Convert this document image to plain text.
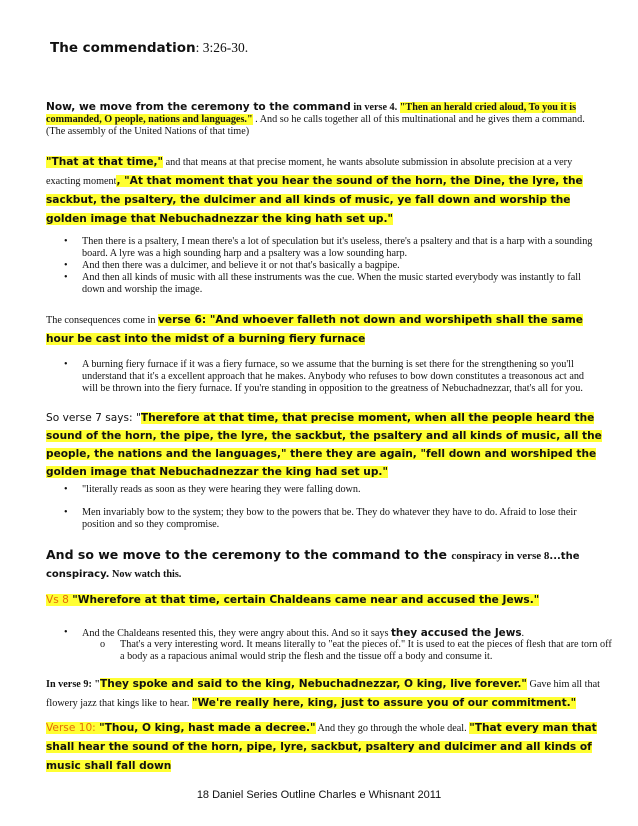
The commendation: 3:26-30.
Now, we move from the ceremony to the command in verse 4. "Then an herald cried aloud, To you it is commanded, O people, nations and languages." . And so he calls together all of this multinational and he gives them a command.
(The assembly of the United Nations of that time)
"That at that time," and that means at that precise moment, he wants absolute submission in absolute precision at a very exacting moment, "At that moment that you hear the sound of the horn, the Dine, the lyre, the sackbut, the psaltery, the dulcimer and all kinds of music, ye fall down and worship the golden image that Nebuchadnezzar the king hath set up."
• Then there is a psaltery, I mean there's a lot of speculation but it's useless, there's a psaltery and that is a harp with a sounding board. A lyre was a high sounding harp and a psaltery was a low sounding harp.
• And then there was a dulcimer, and believe it or not that's basically a bagpipe.
• And then all kinds of music with all these instruments was the cue. When the music started everybody was instantly to fall down and worship the image.
The consequences come in verse 6: "And whoever falleth not down and worshipeth shall the same hour be cast into the midst of a burning fiery furnace
• A burning fiery furnace if it was a fiery furnace, so we assume that the burning is set there for the strengthening so you'll understand that it's a excellent approach that he makes. Anybody who refuses to bow down constitutes a treasonous act and will be thrown into the fiery furnace. If you're standing in opposition to the greatness of Nebuchadnezzar, that's all for you.
So verse 7 says: "Therefore at that time, that precise moment, when all the people heard the sound of the horn, the pipe, the lyre, the sackbut, the psaltery and all kinds of music, all the people, the nations and the languages," there they are again, "fell down and worshiped the golden image that Nebuchadnezzar the king had set up."
• "literally reads as soon as they were hearing they were falling down.
• Men invariably bow to the system; they bow to the powers that be. They do whatever they have to do. Afraid to lose their position and so they compromise.
And so we move to the ceremony to the command to the conspiracy in verse 8...the conspiracy. Now watch this.
Vs 8 "Wherefore at that time, certain Chaldeans came near and accused the Jews."
• And the Chaldeans resented this, they were angry about this. And so it says they accused the Jews.
o That's a very interesting word. It means literally to "eat the pieces of." It is used to eat the pieces of flesh that are torn off a body as a rapacious animal would strip the flesh and the tissue off a body and consume it.
In verse 9: "They spoke and said to the king, Nebuchadnezzar, O king, live forever." Gave him all that flowery jazz that kings like to hear. "We're really here, king, just to assure you of our commitment."
Verse 10: "Thou, O king, hast made a decree." And they go through the whole deal. "That every man that shall hear the sound of the horn, pipe, lyre, sackbut, psaltery and dulcimer and all kinds of music shall fall down
18 Daniel Series Outline Charles e Whisnant 2011
